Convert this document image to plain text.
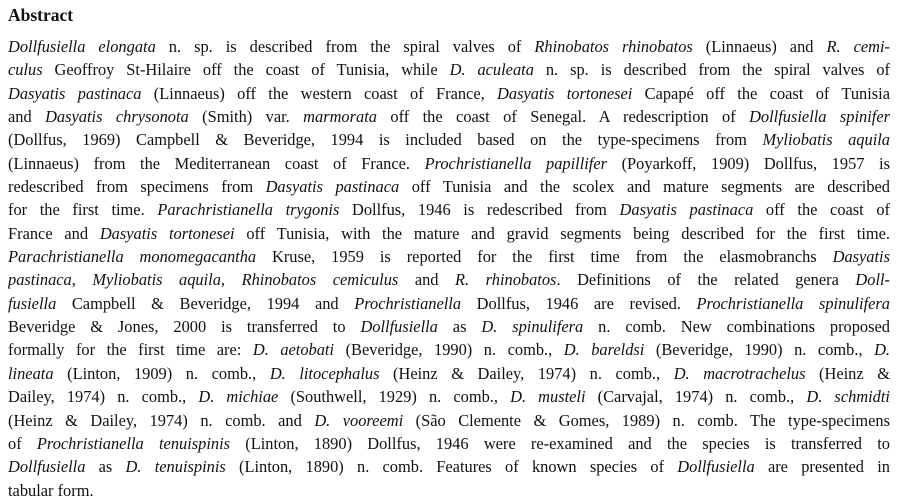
Abstract
Dollfusiella elongata n. sp. is described from the spiral valves of Rhinobatos rhinobatos (Linnaeus) and R. cemi-
culus Geoffroy St-Hilaire off the coast of Tunisia, while D. aculeata n. sp. is described from the spiral valves of
Dasyatis pastinaca (Linnaeus) off the western coast of France, Dasyatis tortonesei Capapé off the coast of Tunisia
and Dasyatis chrysonota (Smith) var. marmorata off the coast of Senegal. A redescription of Dollfusiella spinifer
(Dollfus, 1969) Campbell & Beveridge, 1994 is included based on the type-specimens from Myliobatis aquila
(Linnaeus) from the Mediterranean coast of France. Prochristianella papillifer (Poyarkoff, 1909) Dollfus, 1957 is
redescribed from specimens from Dasyatis pastinaca off Tunisia and the scolex and mature segments are described
for the first time. Parachristianella trygonis Dollfus, 1946 is redescribed from Dasyatis pastinaca off the coast of
France and Dasyatis tortonesei off Tunisia, with the mature and gravid segments being described for the first time.
Parachristianella monomegacantha Kruse, 1959 is reported for the first time from the elasmobranchs Dasyatis
pastinaca, Myliobatis aquila, Rhinobatos cemiculus and R. rhinobatos. Definitions of the related genera Doll-
fusiella Campbell & Beveridge, 1994 and Prochristianella Dollfus, 1946 are revised. Prochristianella spinulifera
Beveridge & Jones, 2000 is transferred to Dollfusiella as D. spinulifera n. comb. New combinations proposed
formally for the first time are: D. aetobati (Beveridge, 1990) n. comb., D. bareldsi (Beveridge, 1990) n. comb., D.
lineata (Linton, 1909) n. comb., D. litocephalus (Heinz & Dailey, 1974) n. comb., D. macrotrachelus (Heinz &
Dailey, 1974) n. comb., D. michiae (Southwell, 1929) n. comb., D. musteli (Carvajal, 1974) n. comb., D. schmidti
(Heinz & Dailey, 1974) n. comb. and D. vooreemi (São Clemente & Gomes, 1989) n. comb. The type-specimens
of Prochristianella tenuispinis (Linton, 1890) Dollfus, 1946 were re-examined and the species is transferred to
Dollfusiella as D. tenuispinis (Linton, 1890) n. comb. Features of known species of Dollfusiella are presented in
tabular form.
